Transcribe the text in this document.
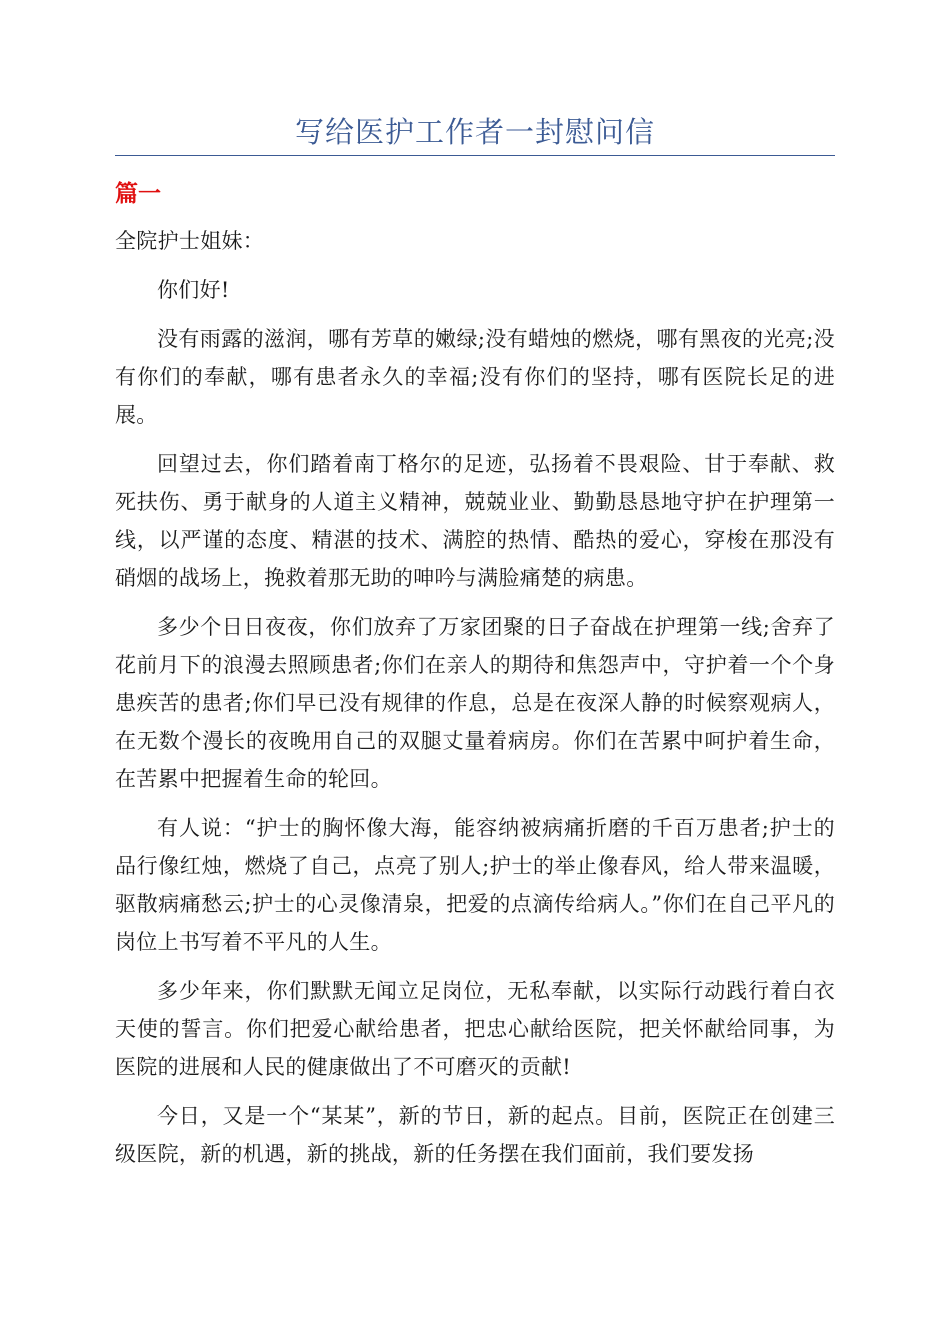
写给医护工作者一封慰问信
篇一

全院护士姐妹：

你们好!

没有雨露的滋润，哪有芳草的嫩绿;没有蜡烛的燃烧，哪有黑夜的光亮;没有你们的奉献，哪有患者永久的幸福;没有你们的坚持，哪有医院长足的进展。

回望过去，你们踏着南丁格尔的足迹，弘扬着不畏艰险、甘于奉献、救死扶伤、勇于献身的人道主义精神，兢兢业业、勤勤恳恳地守护在护理第一线，以严谨的态度、精湛的技术、满腔的热情、酷热的爱心，穿梭在那没有硝烟的战场上，挽救着那无助的呻吟与满脸痛楚的病患。

多少个日日夜夜，你们放弃了万家团聚的日子奋战在护理第一线;舍弃了花前月下的浪漫去照顾患者;你们在亲人的期待和焦怨声中，守护着一个个身患疾苦的患者;你们早已没有规律的作息，总是在夜深人静的时候察观病人，在无数个漫长的夜晚用自己的双腿丈量着病房。你们在苦累中呵护着生命，在苦累中把握着生命的轮回。

有人说：“护士的胸怀像大海，能容纳被病痛折磨的千百万患者;护士的品行像红烛，燃烧了自己，点亮了别人;护士的举止像春风，给人带来温暖，驱散病痛愁云;护士的心灵像清泉，把爱的点滴传给病人。”你们在自己平凡的岗位上书写着不平凡的人生。

多少年来，你们默默无闻立足岗位，无私奉献，以实际行动践行着白衣天使的誓言。你们把爱心献给患者，把忠心献给医院，把关怀献给同事，为医院的进展和人民的健康做出了不可磨灭的贡献!

今日，又是一个“某某”，新的节日，新的起点。目前，医院正在创建三级医院，新的机遇，新的挑战，新的任务摆在我们面前，我们要发扬
